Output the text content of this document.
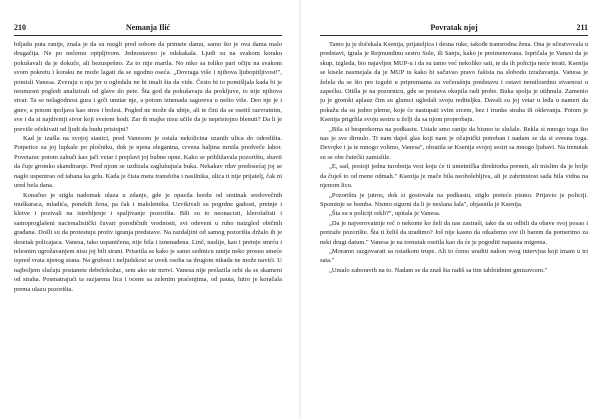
Nemanja Ilić
210

biljadu puta ranije, znala je da su mogli pred sobom da primete damu, samo što je ova dama malo drugačija. Ne po nečemu opipljivom. Jednostavno je odskakala. Ljudi su na svakom koraku pokušavali da je dokuče, ali bezuspešno. Za to nije marila. No niko sa toliko pari očiju na svakom svom pokretu i koraku ne može lagati da se ugodno oseća. „Dovraga više i njihova ljubopitljivost!", pomisli Vanesa. Zveraju u nju jer u ogledalu ne bi imali šta da vide. Često bi to pomišljala kada bi je neumesni pogledi analizirali od glave do pete. Šta god da pokušavaju da prokljuve, to nije njihova stvar. Ta se nelagodnost gura i grči unutar nje, a potom iznenada sagoreva u nešto više. Deo nje je i gnev, a potom ipoljava kao stres i bolest. Pogled ne može da ubije, ali te čini da se osetiš razvratnim, sve i da si najdivniji stvor koji svetom hodi. Zar ih majke nisu učile da je nepristojno blenuti? Da li je previše očekivati od ljudi da budu pristojni?

Kad je izašla na svojoj stanici, pred Vanesom je ostala nekolicina uzanih ulica do odredišta. Potpetice su joj lupkale po pločniku, dok je njena elegantna, crvena haljina mrsila predveče lahor. Povetarac potom zahuči kao jači vetar i preplavi joj bubne opne. Kako se približavala pozorištu, shavti da čuje gromko skandiranje. Pred njom se uzdizala zagluhujuća buka. Nekakav rđav predosećaj joj se naglo uspentrao od tabana ka grlu. Kada je čista meta transfoba i nasilnika, ulica ti nije prijatelj, čak ni ured bela dana.

Konačno je stigla nadomak ulaza u zdanje, gde je opazila hordu od stotinak sredovečnih muškaraca, mladića, ponekih žena, pa čak i maloletnika. Uzvikivali su pogrdne gadosti, pretnje i kletve i pozivali na istrebljenje i spaljivanje pozorišta. Bili su to neonacisti, klerofašisti i samoproglašeni nacionalistički čuvari porodičnih vrednosti, svi odeveni u ruho naizgled običnih građana. Došli su da protestuju protiv igranja predstave. Na razdaljini od samog pozorišta držalo ih je desetak policajaca. Vanesa, tako uspaničena, nije bila i iznenađena. Linč, naslije, kao i pretnje smrću i telesnim ugrožavanjem nisu joj bili strani. Prisetila se kako je samo sedmicu ranije neko prosuo smeće ispred vrata njenog stana. Na grubost i neljudskost se uvek osoba sa drugom nikada ne može navići. U najboljem slučaju postanete debelokožac, sem ako ste mrtvi. Vanesa nije prelazila sebi da se skameni od straha. Posmatrajući ta razjarena lica i ocene sa zelenim praćenjima, od pauta, hitro je koračala prema ulazu pozorišta.

Povratak njoj	211

Tamo ju je dočekala Ksenija, prijateljica i desna ruke, takođe transrodna žena. Ona je učestvovala u predstavi, igrala je Rejmundinu sestru Sole, ili Sanju, kako je preimenovana. Ispričala je Vanesi da je skup, izgleda, bio najavljen MUP-u i da su tamo već nekoliko sati, te da ih policija neće terati. Ksenija se kisele nasmejala da je MUP tu kako bi sačuvao pravo fašista na slobodu izražavanja. Vanesa je želela da se što pre izgubi u pripremama za večerašnju predstavu i ostavi nemilosrdnu stvarnost u zapećku. Otišla je na pozornicu, gde se postava okupila radi probe. Buka spolja je utihnula. Zamenio ju je gromki aplauz čim su glumci ugledali svoju rediteljku. Davali su joj vetar u leđa u nameri da pokažu da su jedno pleme, koje će nastupati svim srcem, bez i trunke straha ili oklevanja. Potom je Ksenija prigrlila svoju sestru u želji da sa njom proprobaju.

„Bila si besprekorna na podkastu. Ustale smo ranije da bismo te slušale. Rekla si mnogo toga što nas je sve dirnulo. Ti nam daješ glas koji nam je očajnički potreban i nadam se da si svesna toga. Devojke i ja te mnogo volimo, Vanesa", obratila se Ksenija svojoj sestri sa mnogo ljubavi. Na trenutak su se obe čutećki zamislile.

„E, sad, postoji jedna turobnija vest koju će ti umetnička direktorka preneti, ali mislim da je bolje da čuješ to od mene odmah." Ksenija je mače bila neobolebljiva, ali je zabrinutost sada bila vidna na njenom licu.

„Pozorištu je jutros, dok si gostovala na podkastu, stiglo preteće pismo. Prijavio je policiji. Spominje se bomba. Nismo sigurni da li je neslana šala", objasnila je Ksenija.

„Šta su u policiji rekli?", upitala je Vanesa.

„Da je najverovatnije reč o nekome ko želi da nas zastraši, tako da su odbili da obave svoj posao i pretraže pozorište. Šta ti želiš da uradimo? Još nije kasno da otkažemo sve ili barem da pomerimo za neki drugi datum." Vanesa je na trenutak osetila kao da će je pogoditi napasna migrena.

„Moramo razgovarati sa ostatkom trupe. Ali to ćemo uraditi nakon svog intervjua koji imam u tri sata."

„Umalo zaboravih na to. Nadam se da znaš šta radiš sa tim tabloidnim gmizavcem."
